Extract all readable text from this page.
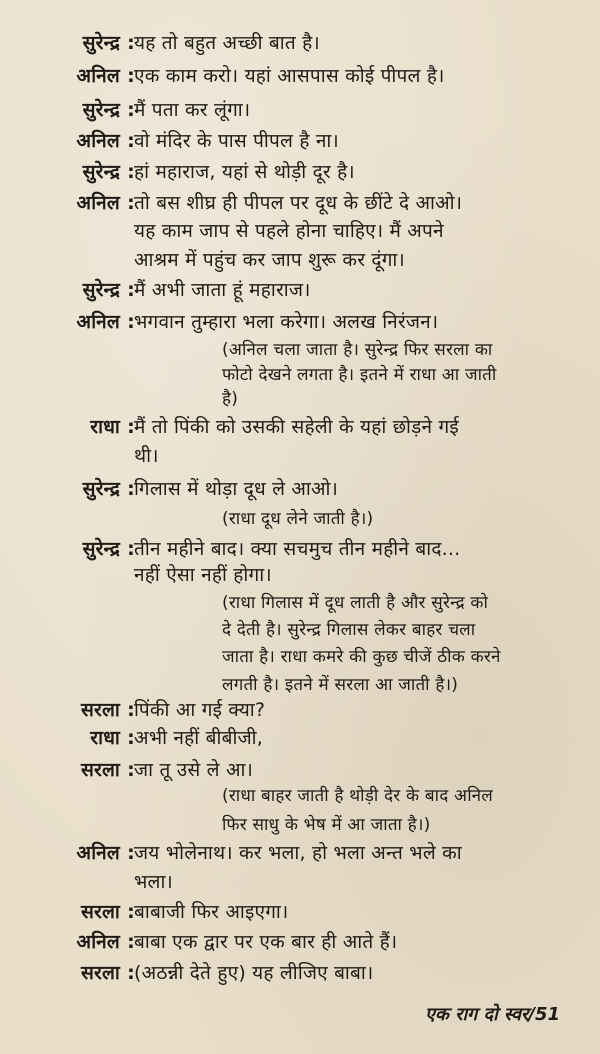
सुरेन्द्र :यह तो बहुत अच्छी बात है।
अनिल :एक काम करो। यहां आसपास कोई पीपल है।
सुरेन्द्र :मैं पता कर लूंगा।
अनिल :वो मंदिर के पास पीपल है ना।
सुरेन्द्र :हां महाराज, यहां से थोड़ी दूर है।
अनिल :तो बस शीघ्र ही पीपल पर दूध के छींटे दे आओ।
यह काम जाप से पहले होना चाहिए। मैं अपने
आश्रम में पहुंच कर जाप शुरू कर दूंगा।
सुरेन्द्र :मैं अभी जाता हूं महाराज।
अनिल :भगवान तुम्हारा भला करेगा। अलख निरंजन।
(अनिल चला जाता है। सुरेन्द्र फिर सरला का
फोटो देखने लगता है। इतने में राधा आ जाती
है)
राधा :मैं तो पिंकी को उसकी सहेली के यहां छोड़ने गई
थी।
सुरेन्द्र :गिलास में थोड़ा दूध ले आओ।
(राधा दूध लेने जाती है।)
सुरेन्द्र :तीन महीने बाद। क्या सचमुच तीन महीने बाद...
नहीं ऐसा नहीं होगा।
(राधा गिलास में दूध लाती है और सुरेन्द्र को
दे देती है। सुरेन्द्र गिलास लेकर बाहर चला
जाता है। राधा कमरे की कुछ चीजें ठीक करने
लगती है। इतने में सरला आ जाती है।)
सरला :पिंकी आ गई क्या?
राधा :अभी नहीं बीबीजी,
सरला :जा तू उसे ले आ।
(राधा बाहर जाती है थोड़ी देर के बाद अनिल
फिर साधु के भेष में आ जाता है।)
अनिल :जय भोलेनाथ। कर भला, हो भला अन्त भले का
भला।
सरला :बाबाजी फिर आइएगा।
अनिल :बाबा एक द्वार पर एक बार ही आते हैं।
सरला :(अठन्नी देते हुए) यह लीजिए बाबा।
एक राग दो स्वर/51
